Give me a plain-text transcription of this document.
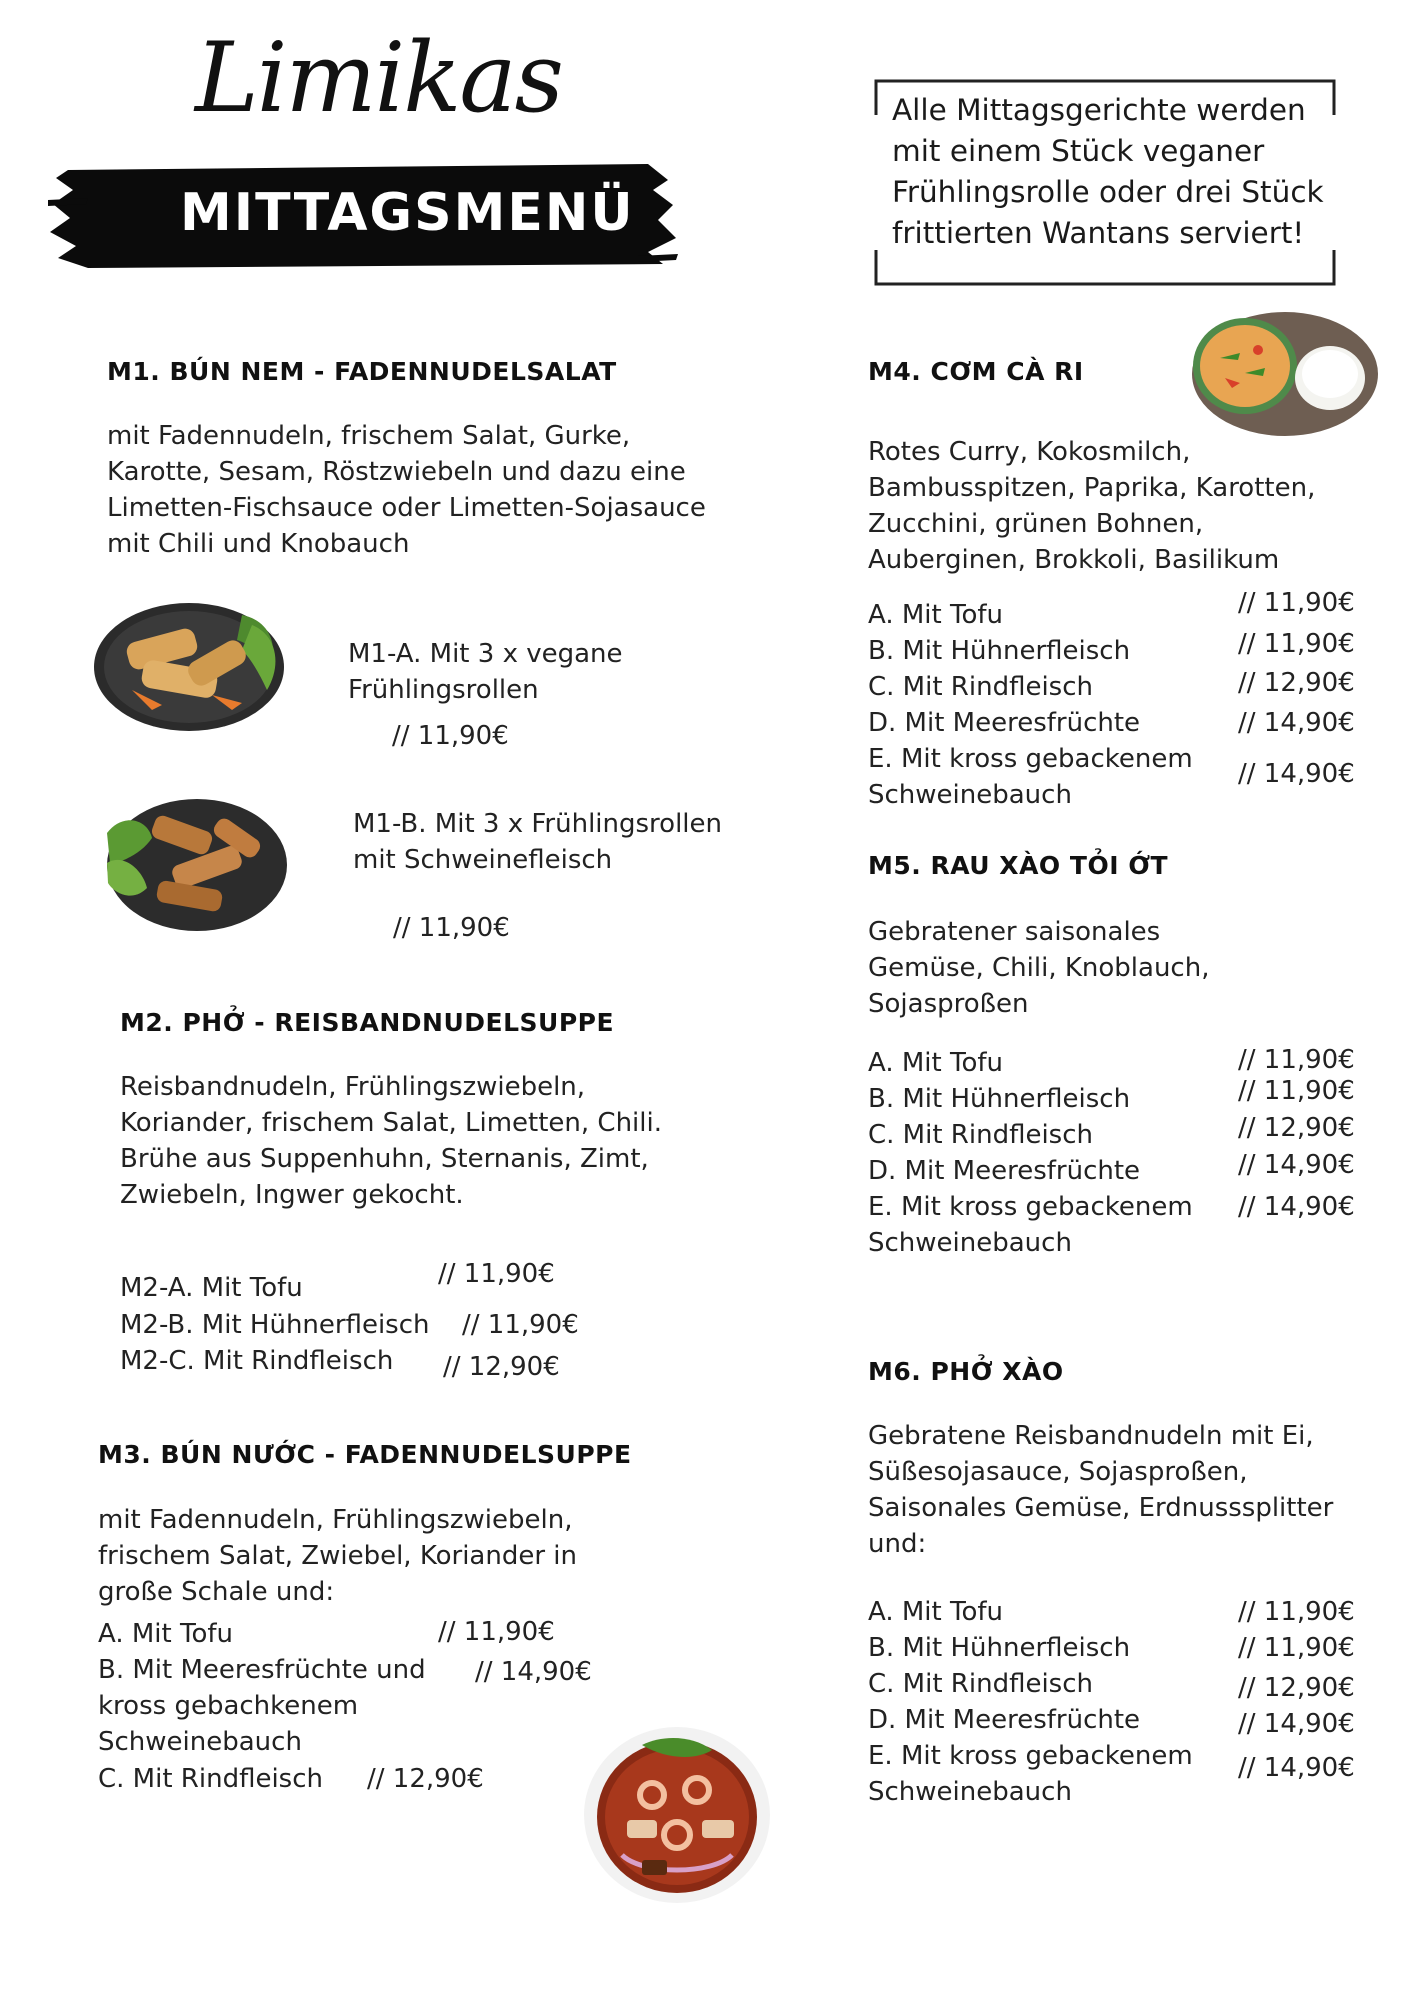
Limikas
MITTAGSMENÜ
Alle Mittagsgerichte werden mit einem Stück veganer Frühlingsrolle oder drei Stück frittierten Wantans serviert!
M1. BÚN NEM - FADENNUDELSALAT
mit Fadennudeln, frischem Salat, Gurke, Karotte, Sesam, Röstzwiebeln und dazu eine Limetten-Fischsauce oder Limetten-Sojasauce mit Chili und Knobauch
M1-A. Mit 3 x vegane Frühlingsrollen
// 11,90€
M1-B. Mit 3 x Frühlingsrollen mit Schweinefleisch
// 11,90€
M2. PHỞ - REISBANDNUDELSUPPE
Reisbandnudeln, Frühlingszwiebeln, Koriander, frischem Salat, Limetten, Chili. Brühe aus Suppenhuhn, Sternanis, Zimt, Zwiebeln, Ingwer gekocht.
M2-A. Mit Tofu	// 11,90€
M2-B. Mit Hühnerfleisch // 11,90€
M2-C. Mit Rindfleisch // 12,90€
M3. BÚN NƯỚC - FADENNUDELSUPPE
mit Fadennudeln, Frühlingszwiebeln, frischem Salat, Zwiebel, Koriander in große Schale und:
A. Mit Tofu	// 11,90€
B. Mit Meeresfrüchte und kross gebachkenem Schweinebauch
// 14,90€
C. Mit Rindfleisch // 12,90€
M4. CƠM CÀ RI
Rotes Curry, Kokosmilch, Bambusspitzen, Paprika, Karotten, Zucchini, grünen Bohnen, Auberginen, Brokkoli, Basilikum
A. Mit Tofu	// 11,90€
B. Mit Hühnerfleisch	// 11,90€
C. Mit Rindfleisch	// 12,90€
D. Mit Meeresfrüchte	// 14,90€
E. Mit kross gebackenem Schweinebauch
// 14,90€
M5. RAU XÀO TỎI ỚT
Gebratener saisonales Gemüse, Chili, Knoblauch, Sojasproßen
A. Mit Tofu	// 11,90€
B. Mit Hühnerfleisch	// 11,90€
C. Mit Rindfleisch	// 12,90€
D. Mit Meeresfrüchte	// 14,90€
E. Mit kross gebackenem Schweinebauch
// 14,90€
M6. PHỞ XÀO
Gebratene Reisbandnudeln mit Ei, Süßesojasauce, Sojasproßen, Saisonales Gemüse, Erdnusssplitter und:
A. Mit Tofu	// 11,90€
B. Mit Hühnerfleisch	// 11,90€
C. Mit Rindfleisch	// 12,90€
D. Mit Meeresfrüchte	// 14,90€
E. Mit kross gebackenem Schweinebauch
// 14,90€
